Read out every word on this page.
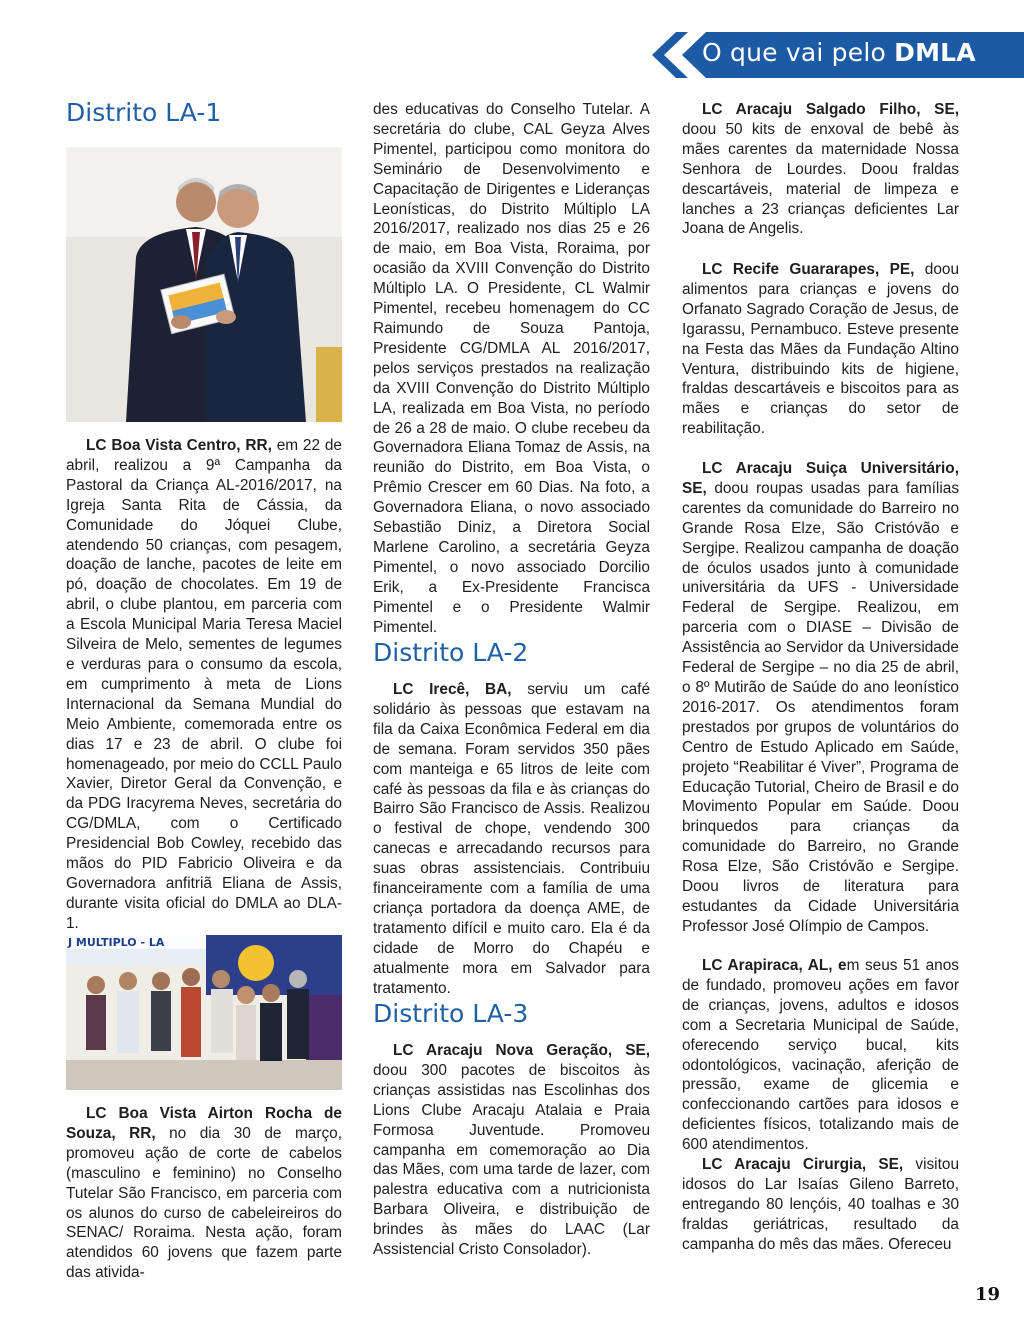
O que vai pelo DMLA
Distrito LA-1

LC Boa Vista Centro, RR, em 22 de abril, realizou a 9ª Campanha da Pastoral da Criança AL-2016/2017, na Igreja Santa Rita de Cássia, da Comunidade do Jóquei Clube, atendendo 50 crianças, com pesagem, doação de lanche, pacotes de leite em pó, doação de chocolates. Em 19 de abril, o clube plantou, em parceria com a Escola Municipal Maria Teresa Maciel Silveira de Melo, sementes de legumes e verduras para o consumo da escola, em cumprimento à meta de Lions Internacional da Semana Mundial do Meio Ambiente, comemorada entre os dias 17 e 23 de abril. O clube foi homenageado, por meio do CCLL Paulo Xavier, Diretor Geral da Convenção, e da PDG Iracyrema Neves, secretária do CG/DMLA, com o Certificado Presidencial Bob Cowley, recebido das mãos do PID Fabricio Oliveira e da Governadora anfitriã Eliana de Assis, durante visita oficial do DMLA ao DLA-1.

J MULTIPLO - LA

LC Boa Vista Airton Rocha de Souza, RR, no dia 30 de março, promoveu ação de corte de cabelos (masculino e feminino) no Conselho Tutelar São Francisco, em parceria com os alunos do curso de cabeleireiros do SENAC/ Roraima. Nesta ação, foram atendidos 60 jovens que fazem parte das ativida-

des educativas do Conselho Tutelar. A secretária do clube, CAL Geyza Alves Pimentel, participou como monitora do Seminário de Desenvolvimento e Capacitação de Dirigentes e Lideranças Leonísticas, do Distrito Múltiplo LA 2016/2017, realizado nos dias 25 e 26 de maio, em Boa Vista, Roraima, por ocasião da XVIII Convenção do Distrito Múltiplo LA. O Presidente, CL Walmir Pimentel, recebeu homenagem do CC Raimundo de Souza Pantoja, Presidente CG/DMLA AL 2016/2017, pelos serviços prestados na realização da XVIII Convenção do Distrito Múltiplo LA, realizada em Boa Vista, no período de 26 a 28 de maio. O clube recebeu da Governadora Eliana Tomaz de Assis, na reunião do Distrito, em Boa Vista, o Prêmio Crescer em 60 Dias. Na foto, a Governadora Eliana, o novo associado Sebastião Diniz, a Diretora Social Marlene Carolino, a secretária Geyza Pimentel, o novo associado Dorcilio Erik, a Ex-Presidente Francisca Pimentel e o Presidente Walmir Pimentel.

Distrito LA-2

LC Irecê, BA, serviu um café solidário às pessoas que estavam na fila da Caixa Econômica Federal em dia de semana. Foram servidos 350 pães com manteiga e 65 litros de leite com café às pessoas da fila e às crianças do Bairro São Francisco de Assis. Realizou o festival de chope, vendendo 300 canecas e arrecadando recursos para suas obras assistenciais. Contribuiu financeiramente com a família de uma criança portadora da doença AME, de tratamento difícil e muito caro. Ela é da cidade de Morro do Chapéu e atualmente mora em Salvador para tratamento.

Distrito LA-3

LC Aracaju Nova Geração, SE, doou 300 pacotes de biscoitos às crianças assistidas nas Escolinhas dos Lions Clube Aracaju Atalaia e Praia Formosa Juventude. Promoveu campanha em comemoração ao Dia das Mães, com uma tarde de lazer, com palestra educativa com a nutricionista Barbara Oliveira, e distribuição de brindes às mães do LAAC (Lar Assistencial Cristo Consolador).

LC Aracaju Salgado Filho, SE, doou 50 kits de enxoval de bebê às mães carentes da maternidade Nossa Senhora de Lourdes. Doou fraldas descartáveis, material de limpeza e lanches a 23 crianças deficientes Lar Joana de Angelis.

LC Recife Guararapes, PE, doou alimentos para crianças e jovens do Orfanato Sagrado Coração de Jesus, de Igarassu, Pernambuco. Esteve presente na Festa das Mães da Fundação Altino Ventura, distribuindo kits de higiene, fraldas descartáveis e biscoitos para as mães e crianças do setor de reabilitação.

LC Aracaju Suiça Universitário, SE, doou roupas usadas para famílias carentes da comunidade do Barreiro no Grande Rosa Elze, São Cristóvão e Sergipe. Realizou campanha de doação de óculos usados junto à comunidade universitária da UFS - Universidade Federal de Sergipe. Realizou, em parceria com o DIASE – Divisão de Assistência ao Servidor da Universidade Federal de Sergipe – no dia 25 de abril, o 8º Mutirão de Saúde do ano leonístico 2016-2017. Os atendimentos foram prestados por grupos de voluntários do Centro de Estudo Aplicado em Saúde, projeto “Reabilitar é Viver”, Programa de Educação Tutorial, Cheiro de Brasil e do Movimento Popular em Saúde. Doou brinquedos para crianças da comunidade do Barreiro, no Grande Rosa Elze, São Cristóvão e Sergipe. Doou livros de literatura para estudantes da Cidade Universitária Professor José Olímpio de Campos.

LC Arapiraca, AL, em seus 51 anos de fundado, promoveu ações em favor de crianças, jovens, adultos e idosos com a Secretaria Municipal de Saúde, oferecendo serviço bucal, kits odontológicos, vacinação, aferição de pressão, exame de glicemia e confeccionando cartões para idosos e deficientes físicos, totalizando mais de 600 atendimentos.

LC Aracaju Cirurgia, SE, visitou idosos do Lar Isaías Gileno Barreto, entregando 80 lençóis, 40 toalhas e 30 fraldas geriátricas, resultado da campanha do mês das mães. Ofereceu

19
